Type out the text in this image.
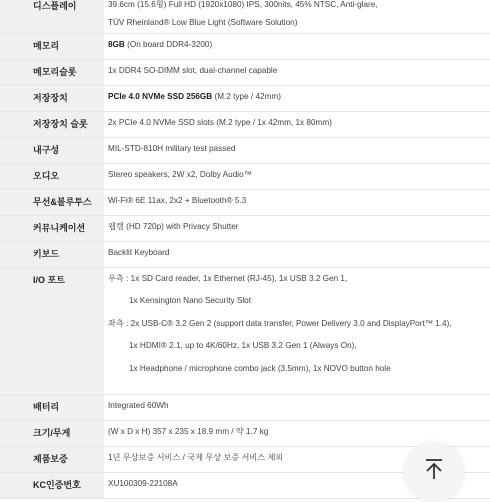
디스플레이	39.6cm (15.6형) Full HD (1920x1080) IPS, 300nits, 45% NTSC, Anti-glare,
TÜV Rheinland® Low Blue Light (Software Solution)
메모리	8GB (On board DDR4-3200)
메모리슬롯	1x DDR4 SO-DIMM slot, dual-channel capable
저장장치	PCIe 4.0 NVMe SSD 256GB (M.2 type / 42mm)
저장장치 슬롯	2x PCIe 4.0 NVMe SSD slots (M.2 type / 1x 42mm, 1x 80mm)
내구성	MIL-STD-810H military test passed
오디오	Stereo speakers, 2W x2, Dolby Audio™
무선&블루투스	Wi-Fi® 6E 11ax, 2x2 + Bluetooth® 5.3
커뮤니케이션	웹캠 (HD 720p) with Privacy Shutter
키보드	Backlit Keyboard
I/O 포트	우측 : 1x SD Card reader, 1x Ethernet (RJ-45), 1x USB 3.2 Gen 1,
1x Kensington Nano Security Slot
좌측 : 2x USB-C® 3.2 Gen 2 (support data transfer, Power Delivery 3.0 and DisplayPort™ 1.4),
1x HDMI® 2.1, up to 4K/60Hz, 1x USB 3.2 Gen 1 (Always On),
1x Headphone / microphone combo jack (3.5mm), 1x NOVO button hole
배터리	Integrated 60Wh
크기/무게	(W x D x H) 357 x 235 x 18.9 mm / 약 1.7 kg
제품보증	1년 무상보증 서비스 / 국제 무상 보증 서비스 제외
KC인증번호	XU100309-22108A
